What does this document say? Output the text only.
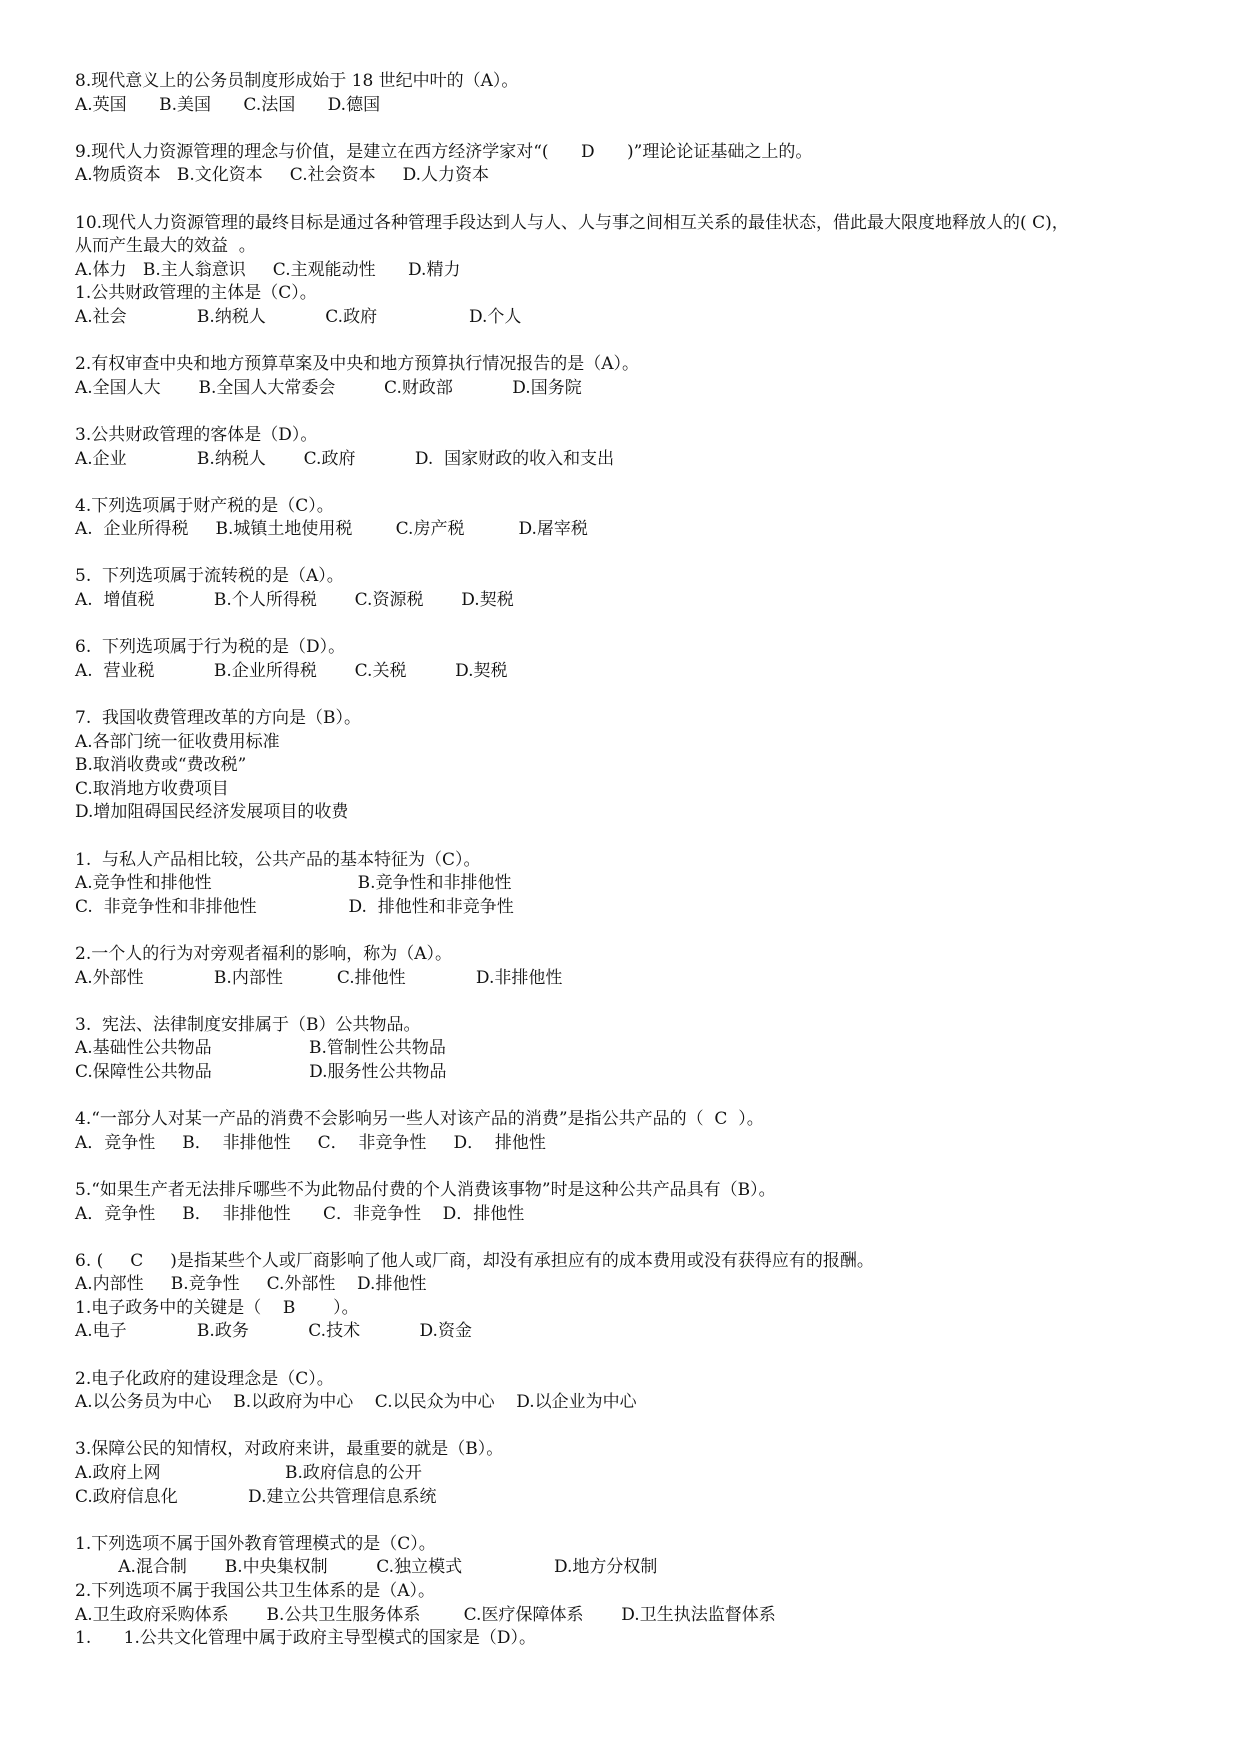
8.现代意义上的公务员制度形成始于 18 世纪中叶的（A）。
A.英国      B.美国      C.法国      D.德国
9.现代人力资源管理的理念与价值，是建立在西方经济学家对“(      D      )”理论论证基础之上的。
A.物质资本   B.文化资本     C.社会资本     D.人力资本
10.现代人力资源管理的最终目标是通过各种管理手段达到人与人、人与事之间相互关系的最佳状态，借此最大限度地释放人的( C)，
从而产生最大的效益  。
A.体力   B.主人翁意识     C.主观能动性      D.精力
1.公共财政管理的主体是（C）。
A.社会             B.纳税人           C.政府                 D.个人
2.有权审查中央和地方预算草案及中央和地方预算执行情况报告的是（A）。
A.全国人大       B.全国人大常委会         C.财政部           D.国务院
3.公共财政管理的客体是（D）。
A.企业             B.纳税人       C.政府           D.  国家财政的收入和支出
4.下列选项属于财产税的是（C）。
A.  企业所得税     B.城镇土地使用税        C.房产税          D.屠宰税
5.  下列选项属于流转税的是（A）。
A.  增值税           B.个人所得税       C.资源税       D.契税
6.  下列选项属于行为税的是（D）。
A.  营业税           B.企业所得税       C.关税         D.契税
7.  我国收费管理改革的方向是（B）。
A.各部门统一征收费用标准
B.取消收费或“费改税”
C.取消地方收费项目
D.增加阻碍国民经济发展项目的收费
1.  与私人产品相比较，公共产品的基本特征为（C）。
A.竞争性和排他性                           B.竞争性和非排他性
C.  非竞争性和非排他性                 D.  排他性和非竞争性
2.一个人的行为对旁观者福利的影响，称为（A）。
A.外部性             B.内部性          C.排他性             D.非排他性
3.  宪法、法律制度安排属于（B）公共物品。
A.基础性公共物品                  B.管制性公共物品
C.保障性公共物品                  D.服务性公共物品
4.“一部分人对某一产品的消费不会影响另一些人对该产品的消费”是指公共产品的（  C  ）。
A．竞争性     B．  非排他性     C．  非竞争性     D．  排他性
5.“如果生产者无法排斥哪些不为此物品付费的个人消费该事物”时是这种公共产品具有（B）。
A．竞争性     B．  非排他性      C．非竞争性    D．排他性
6. (     C     )是指某些个人或厂商影响了他人或厂商，却没有承担应有的成本费用或没有获得应有的报酬。
A.内部性     B.竞争性     C.外部性    D.排他性
1.电子政务中的关键是（    B       ）。
A.电子             B.政务           C.技术           D.资金
2.电子化政府的建设理念是（C）。
A.以公务员为中心    B.以政府为中心    C.以民众为中心    D.以企业为中心
3.保障公民的知情权，对政府来讲，最重要的就是（B）。
A.政府上网                       B.政府信息的公开
C.政府信息化             D.建立公共管理信息系统
1.下列选项不属于国外教育管理模式的是（C）。
A.混合制       B.中央集权制         C.独立模式                 D.地方分权制
2.下列选项不属于我国公共卫生体系的是（A）。
A.卫生政府采购体系       B.公共卫生服务体系        C.医疗保障体系       D.卫生执法监督体系
1.      1.公共文化管理中属于政府主导型模式的国家是（D）。
